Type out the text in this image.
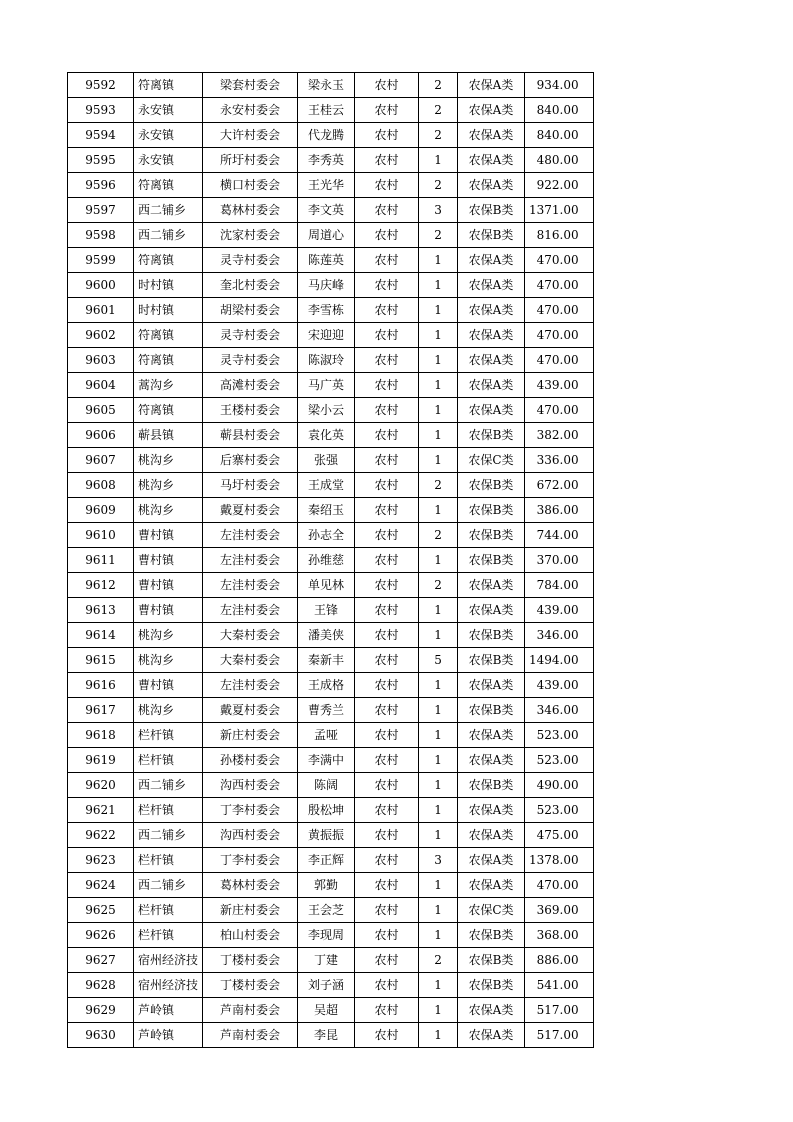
9592	符离镇	梁套村委会	梁永玉	农村	2	农保A类	934.00
9593	永安镇	永安村委会	王桂云	农村	2	农保A类	840.00
9594	永安镇	大许村委会	代龙腾	农村	2	农保A类	840.00
9595	永安镇	所圩村委会	李秀英	农村	1	农保A类	480.00
9596	符离镇	横口村委会	王光华	农村	2	农保A类	922.00
9597	西二铺乡	葛林村委会	李文英	农村	3	农保B类	1371.00
9598	西二铺乡	沈家村委会	周道心	农村	2	农保B类	816.00
9599	符离镇	灵寺村委会	陈莲英	农村	1	农保A类	470.00
9600	时村镇	奎北村委会	马庆峰	农村	1	农保A类	470.00
9601	时村镇	胡梁村委会	李雪栋	农村	1	农保A类	470.00
9602	符离镇	灵寺村委会	宋迎迎	农村	1	农保A类	470.00
9603	符离镇	灵寺村委会	陈淑玲	农村	1	农保A类	470.00
9604	蒿沟乡	高滩村委会	马广英	农村	1	农保A类	439.00
9605	符离镇	王楼村委会	梁小云	农村	1	农保A类	470.00
9606	蕲县镇	蕲县村委会	袁化英	农村	1	农保B类	382.00
9607	桃沟乡	后寨村委会	张强	农村	1	农保C类	336.00
9608	桃沟乡	马圩村委会	王成堂	农村	2	农保B类	672.00
9609	桃沟乡	戴夏村委会	秦绍玉	农村	1	农保B类	386.00
9610	曹村镇	左洼村委会	孙志全	农村	2	农保B类	744.00
9611	曹村镇	左洼村委会	孙维慈	农村	1	农保B类	370.00
9612	曹村镇	左洼村委会	单见林	农村	2	农保A类	784.00
9613	曹村镇	左洼村委会	王锋	农村	1	农保A类	439.00
9614	桃沟乡	大秦村委会	潘美侠	农村	1	农保B类	346.00
9615	桃沟乡	大秦村委会	秦新丰	农村	5	农保B类	1494.00
9616	曹村镇	左洼村委会	王成格	农村	1	农保A类	439.00
9617	桃沟乡	戴夏村委会	曹秀兰	农村	1	农保B类	346.00
9618	栏杆镇	新庄村委会	孟哑	农村	1	农保A类	523.00
9619	栏杆镇	孙楼村委会	李满中	农村	1	农保A类	523.00
9620	西二铺乡	沟西村委会	陈阔	农村	1	农保B类	490.00
9621	栏杆镇	丁李村委会	殷松坤	农村	1	农保A类	523.00
9622	西二铺乡	沟西村委会	黄振振	农村	1	农保A类	475.00
9623	栏杆镇	丁李村委会	李正辉	农村	3	农保A类	1378.00
9624	西二铺乡	葛林村委会	郭勤	农村	1	农保A类	470.00
9625	栏杆镇	新庄村委会	王会芝	农村	1	农保C类	369.00
9626	栏杆镇	柏山村委会	李现周	农村	1	农保B类	368.00
9627	宿州经济技	丁楼村委会	丁建	农村	2	农保B类	886.00
9628	宿州经济技	丁楼村委会	刘子涵	农村	1	农保B类	541.00
9629	芦岭镇	芦南村委会	吴超	农村	1	农保A类	517.00
9630	芦岭镇	芦南村委会	李昆	农村	1	农保A类	517.00
